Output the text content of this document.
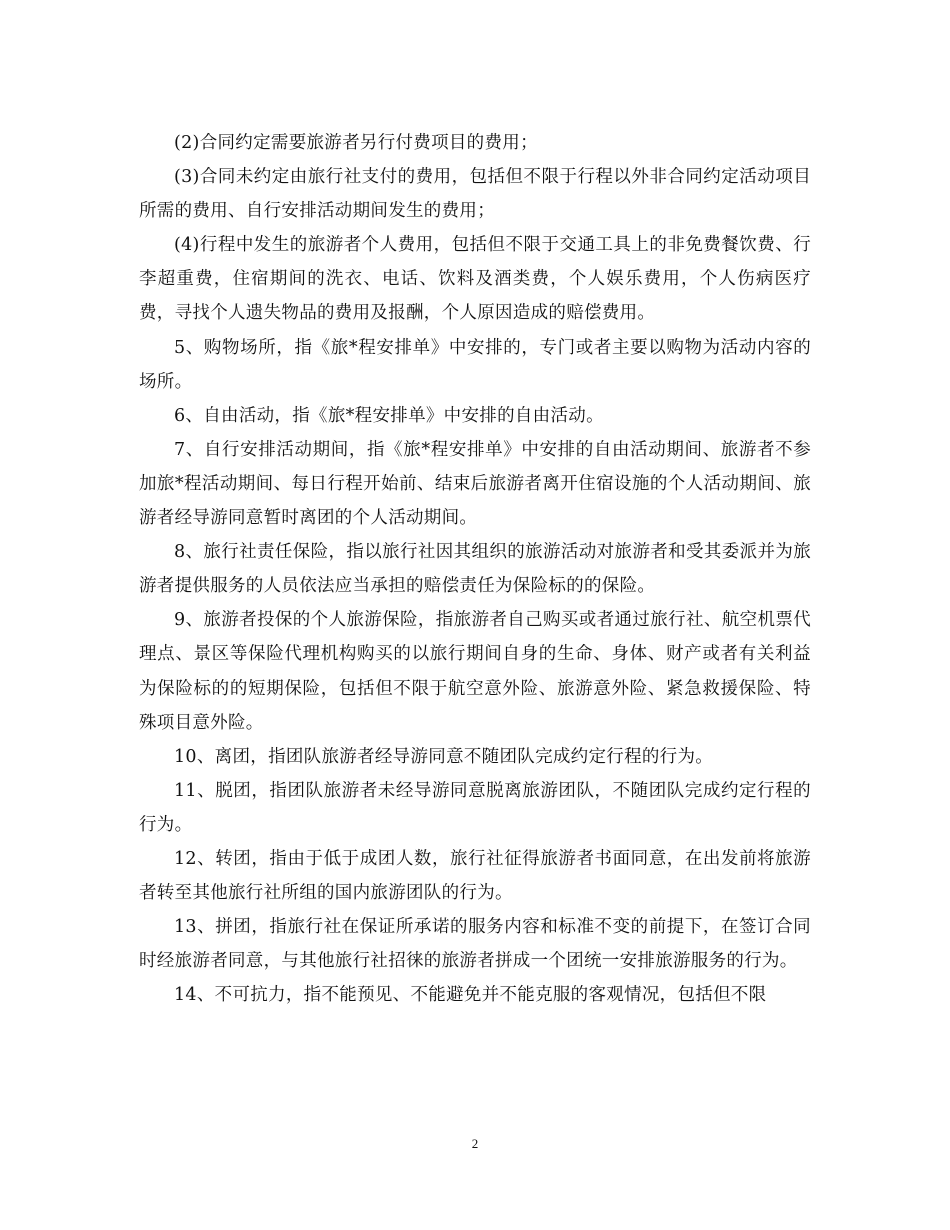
(2)合同约定需要旅游者另行付费项目的费用；

(3)合同未约定由旅行社支付的费用，包括但不限于行程以外非合同约定活动项目所需的费用、自行安排活动期间发生的费用；

(4)行程中发生的旅游者个人费用，包括但不限于交通工具上的非免费餐饮费、行李超重费，住宿期间的洗衣、电话、饮料及酒类费，个人娱乐费用，个人伤病医疗费，寻找个人遗失物品的费用及报酬，个人原因造成的赔偿费用。

5、购物场所，指《旅*程安排单》中安排的，专门或者主要以购物为活动内容的场所。

6、自由活动，指《旅*程安排单》中安排的自由活动。

7、自行安排活动期间，指《旅*程安排单》中安排的自由活动期间、旅游者不参加旅*程活动期间、每日行程开始前、结束后旅游者离开住宿设施的个人活动期间、旅游者经导游同意暂时离团的个人活动期间。

8、旅行社责任保险，指以旅行社因其组织的旅游活动对旅游者和受其委派并为旅游者提供服务的人员依法应当承担的赔偿责任为保险标的的保险。

9、旅游者投保的个人旅游保险，指旅游者自己购买或者通过旅行社、航空机票代理点、景区等保险代理机构购买的以旅行期间自身的生命、身体、财产或者有关利益为保险标的的短期保险，包括但不限于航空意外险、旅游意外险、紧急救援保险、特殊项目意外险。

10、离团，指团队旅游者经导游同意不随团队完成约定行程的行为。

11、脱团，指团队旅游者未经导游同意脱离旅游团队，不随团队完成约定行程的行为。

12、转团，指由于低于成团人数，旅行社征得旅游者书面同意，在出发前将旅游者转至其他旅行社所组的国内旅游团队的行为。

13、拼团，指旅行社在保证所承诺的服务内容和标准不变的前提下，在签订合同时经旅游者同意，与其他旅行社招徕的旅游者拼成一个团统一安排旅游服务的行为。

14、不可抗力，指不能预见、不能避免并不能克服的客观情况，包括但不限

2
